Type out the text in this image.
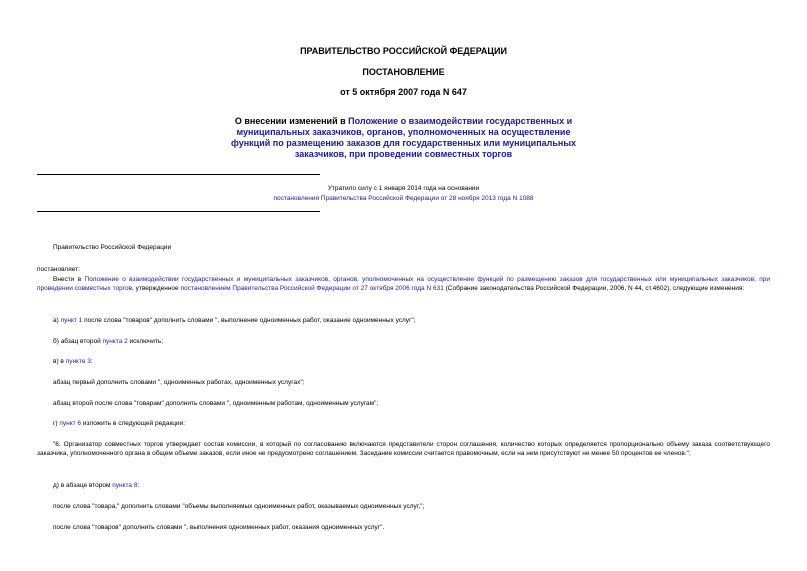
ПРАВИТЕЛЬСТВО РОССИЙСКОЙ ФЕДЕРАЦИИ
ПОСТАНОВЛЕНИЕ
от 5 октября 2007 года N 647
О внесении изменений в Положение о взаимодействии государственных и муниципальных заказчиков, органов, уполномоченных на осуществление функций по размещению заказов для государственных или муниципальных заказчиков, при проведении совместных торгов
Утратило силу с 1 января 2014 года на основании
постановления Правительства Российской Федерации от 28 ноября 2013 года N 1088
Правительство Российской Федерации
постановляет:
Внести в Положение о взаимодействии государственных и муниципальных заказчиков, органов, уполномоченных на осуществление функций по размещению заказов для государственных или муниципальных заказчиков, при проведении совместных торгов, утвержденное постановлением Правительства Российской Федерации от 27 октября 2006 года N 631 (Собрание законодательства Российской Федерации, 2006, N 44, ст.4602), следующие изменения:
а) пункт 1 после слова "товаров" дополнить словами ", выполнение одноименных работ, оказание одноименных услуг";
б) абзац второй пункта 2 исключить;
в) в пункте 3:
абзац первый дополнить словами ", одноименных работах, одноименных услугах";
абзац второй после слова "товарам" дополнить словами ", одноименным работам, одноименным услугам";
г) пункт 6 изложить в следующей редакции:
"6. Организатор совместных торгов утверждает состав комиссии, в который по согласованию включаются представители сторон соглашения, количество которых определяется пропорционально объему заказа соответствующего заказчика, уполномоченного органа в общем объеме заказов, если иное не предусмотрено соглашением. Заседание комиссии считается правомочным, если на нем присутствуют не менее 50 процентов ее членов.";
д) в абзаце втором пункта 8:
после слова "товара," дополнить словами "объемы выполняемых одноименных работ, оказываемых одноименных услуг,";
после слова "товаров" дополнить словами ", выполнения одноименных работ, оказания одноименных услуг".
